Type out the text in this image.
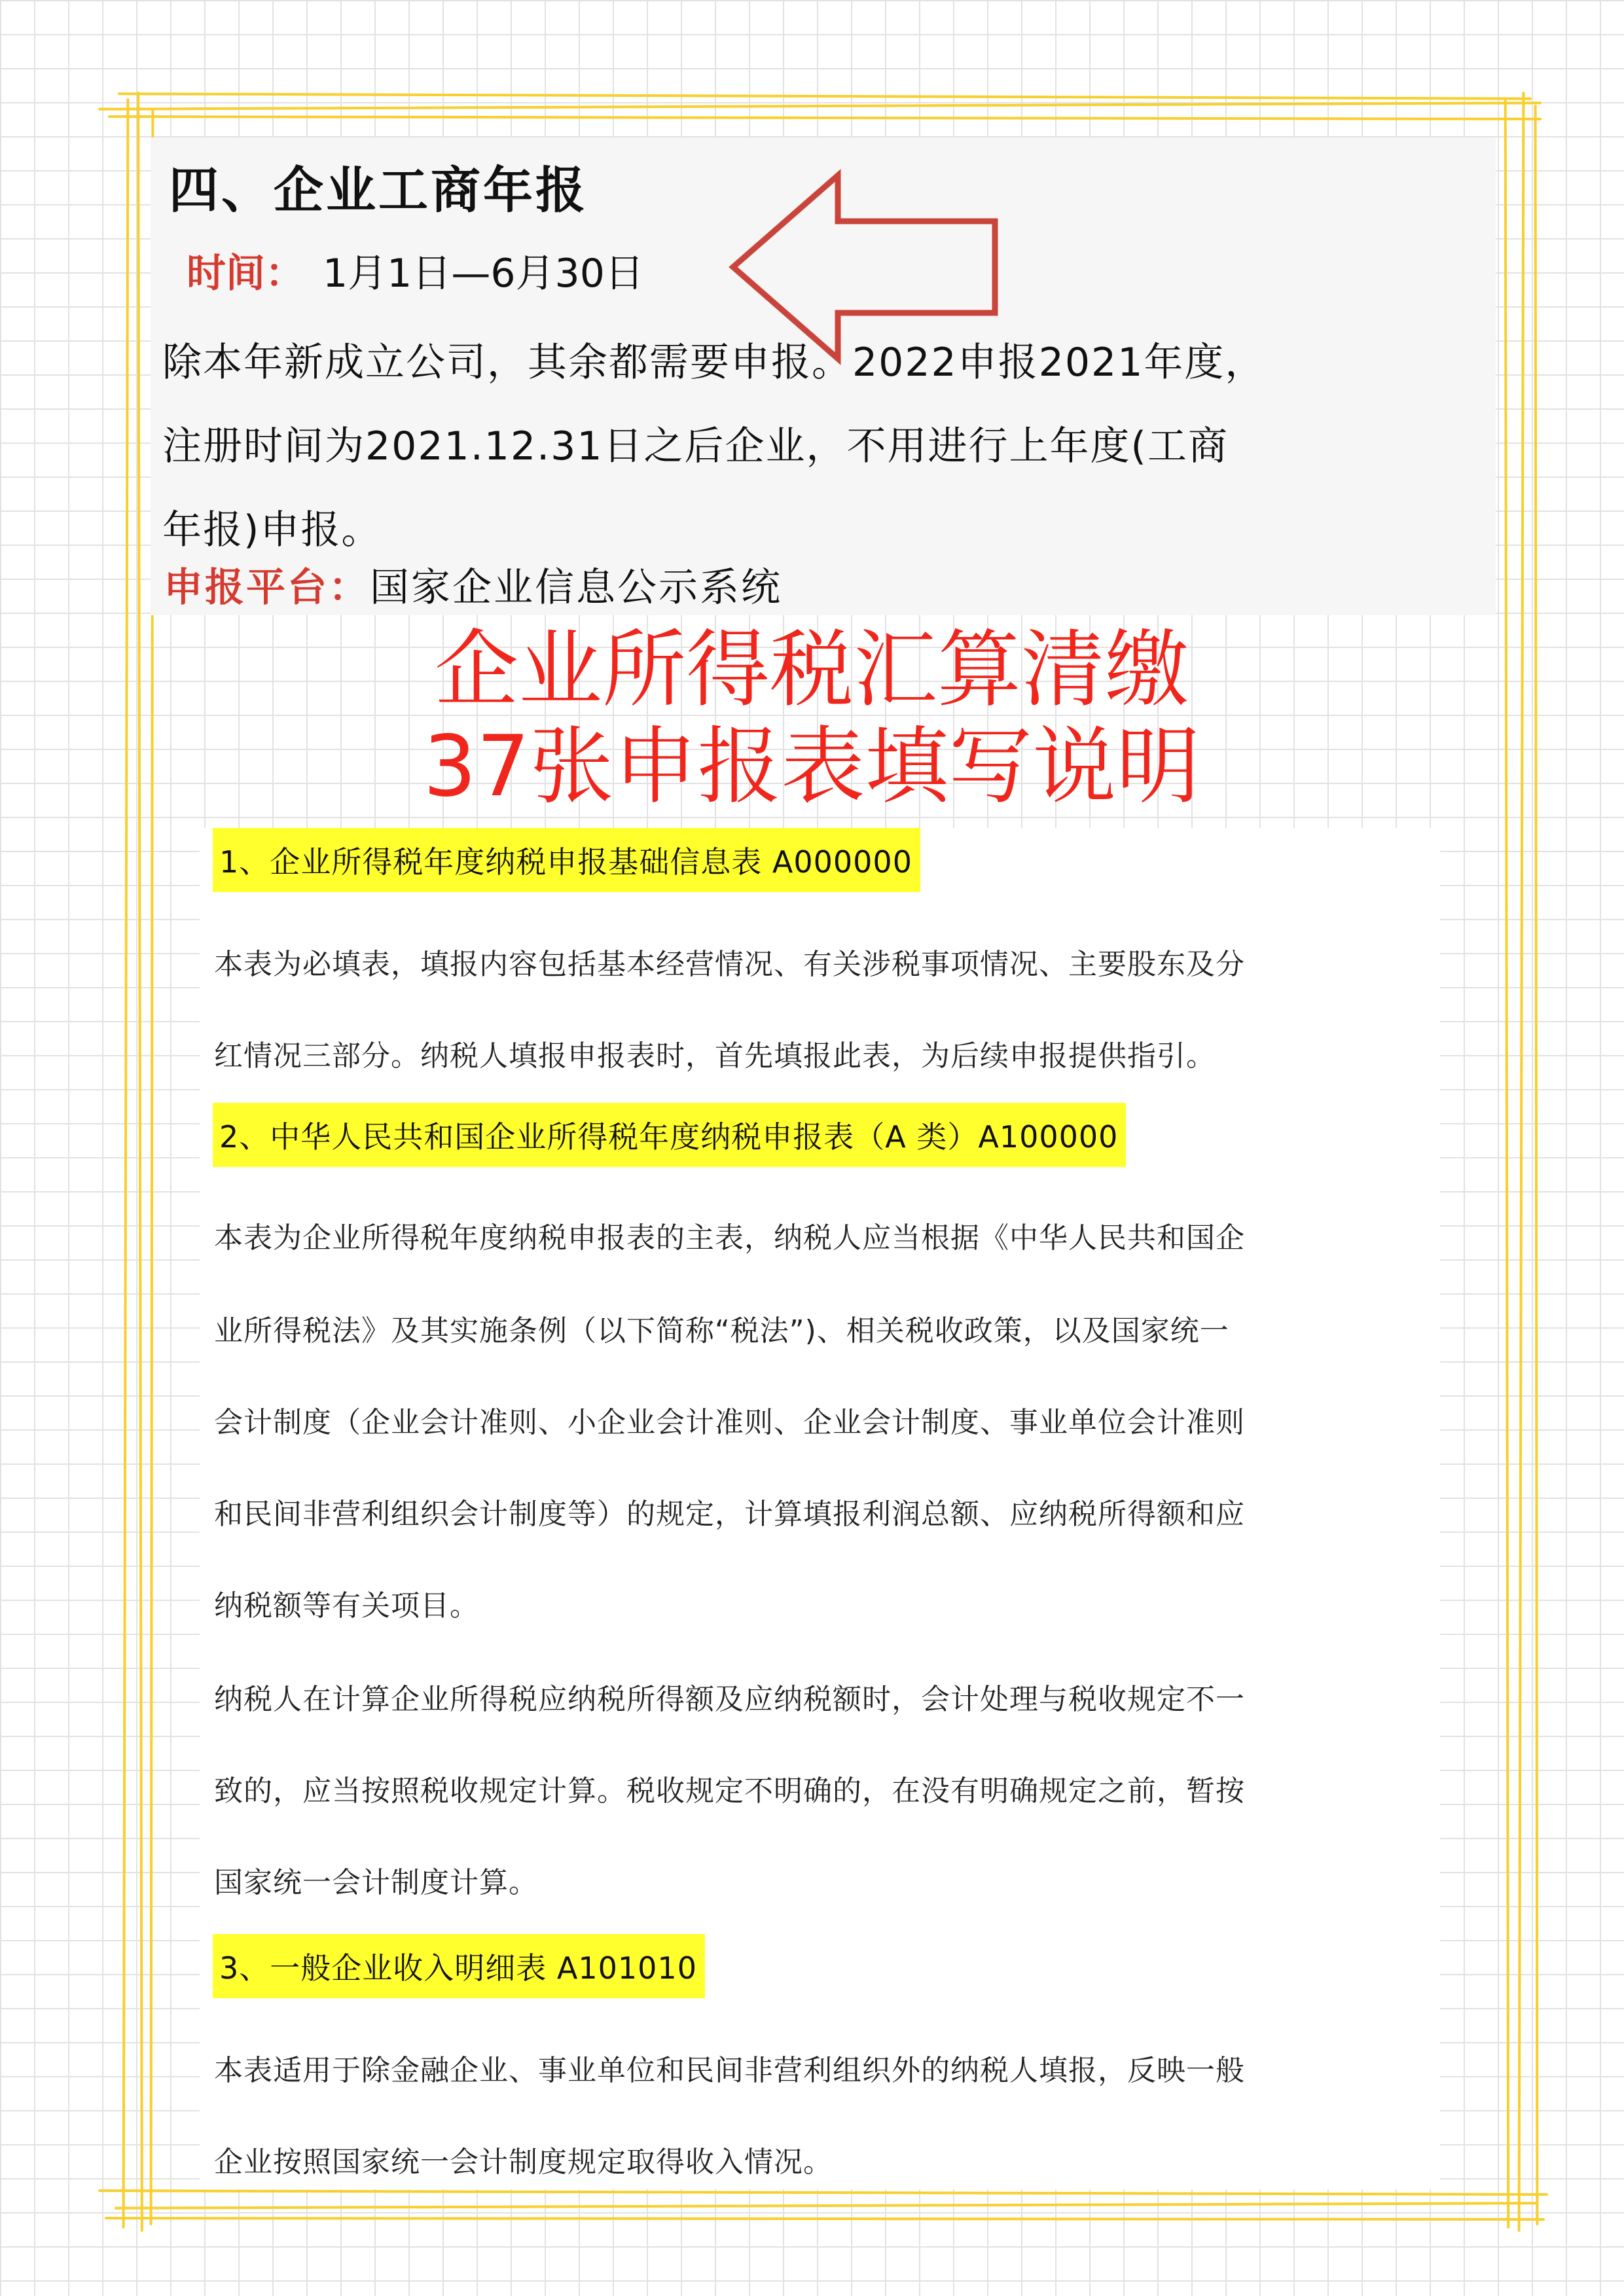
四、企业工商年报
时间： 1月1日—6月30日
除本年新成立公司，其余都需要申报。2022申报2021年度，
注册时间为2021.12.31日之后企业，不用进行上年度(工商
年报)申报。
申报平台：国家企业信息公示系统
企业所得税汇算清缴
37张申报表填写说明
1、企业所得税年度纳税申报基础信息表 A000000
本表为必填表，填报内容包括基本经营情况、有关涉税事项情况、主要股东及分
红情况三部分。纳税人填报申报表时，首先填报此表，为后续申报提供指引。
2、中华人民共和国企业所得税年度纳税申报表（A 类）A100000
本表为企业所得税年度纳税申报表的主表，纳税人应当根据《中华人民共和国企
业所得税法》及其实施条例（以下简称“税法”)、相关税收政策，以及国家统一
会计制度（企业会计准则、小企业会计准则、企业会计制度、事业单位会计准则
和民间非营利组织会计制度等）的规定，计算填报利润总额、应纳税所得额和应
纳税额等有关项目。
纳税人在计算企业所得税应纳税所得额及应纳税额时，会计处理与税收规定不一
致的，应当按照税收规定计算。税收规定不明确的，在没有明确规定之前，暂按
国家统一会计制度计算。
3、一般企业收入明细表 A101010
本表适用于除金融企业、事业单位和民间非营利组织外的纳税人填报，反映一般
企业按照国家统一会计制度规定取得收入情况。
